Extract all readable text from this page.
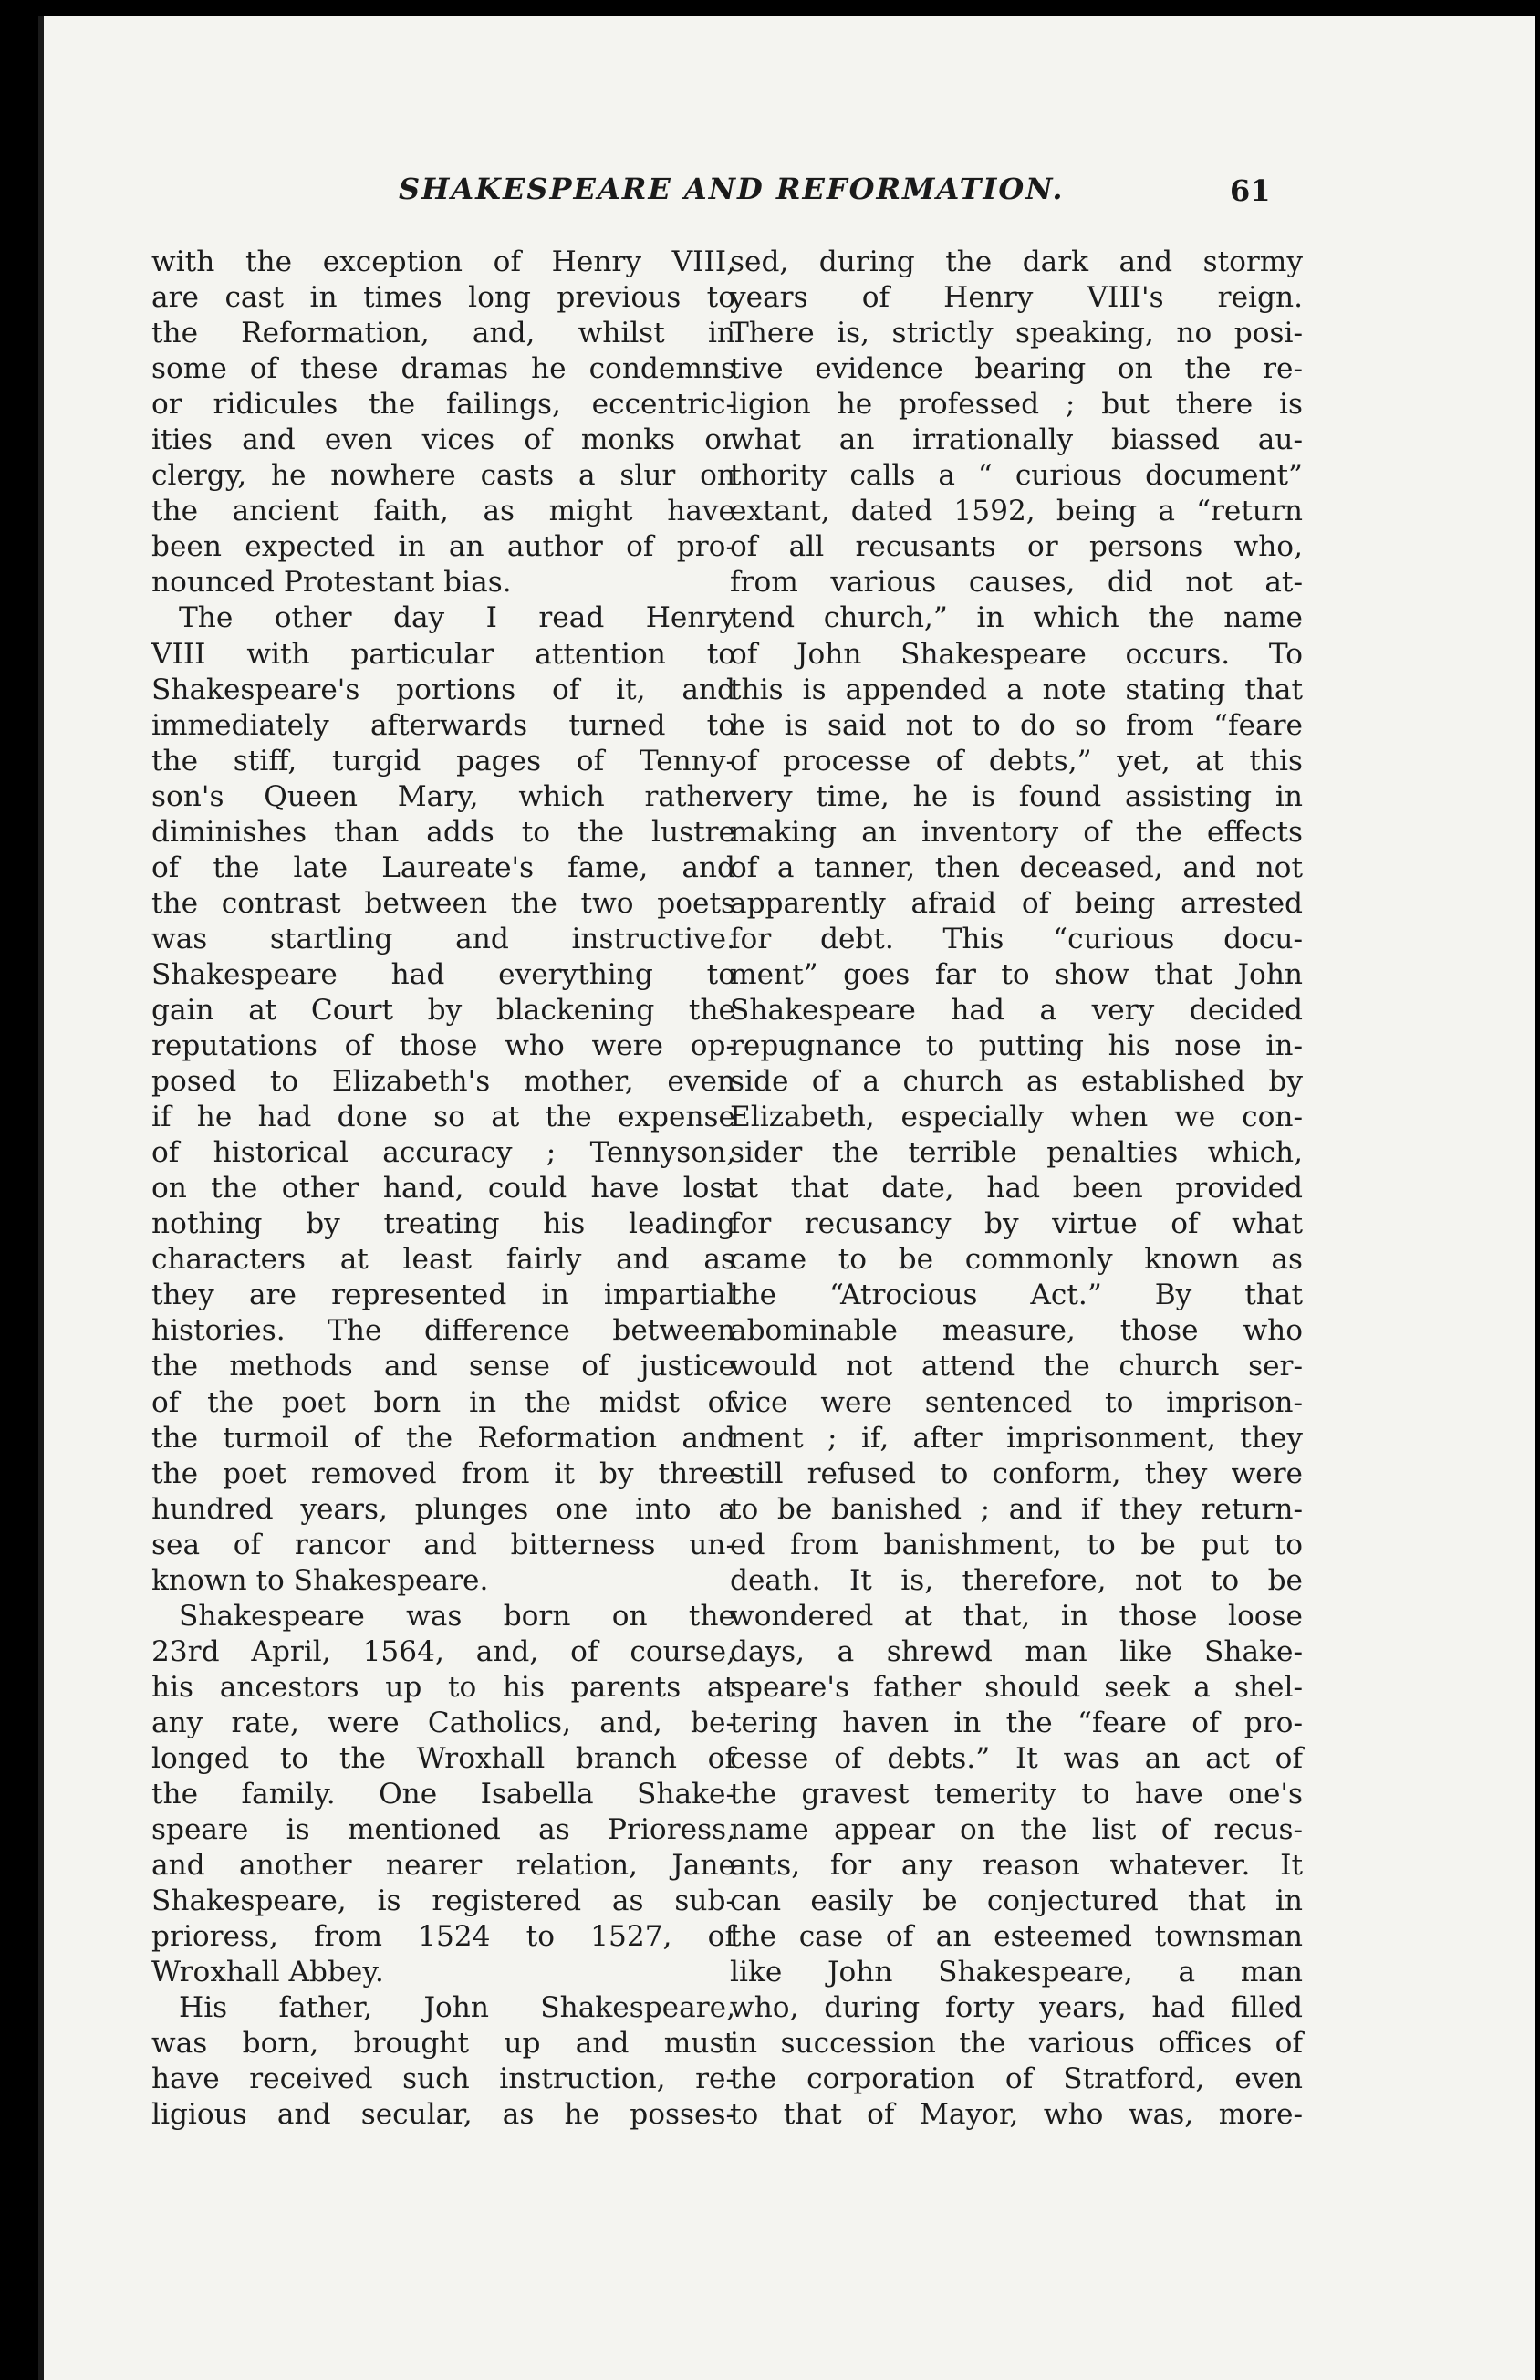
SHAKESPEARE AND REFORMATION.	61
with the exception of Henry VIII,
are cast in times long previous to
the Reformation, and, whilst in
some of these dramas he condemns
or ridicules the failings, eccentric-
ities and even vices of monks or
clergy, he nowhere casts a slur on
the ancient faith, as might have
been expected in an author of pro-
nounced Protestant bias.
The other day I read Henry
VIII with particular attention to
Shakespeare's portions of it, and
immediately afterwards turned to
the stiff, turgid pages of Tenny-
son's Queen Mary, which rather
diminishes than adds to the lustre
of the late Laureate's fame, and
the contrast between the two poets
was startling and instructive.
Shakespeare had everything to
gain at Court by blackening the
reputations of those who were op-
posed to Elizabeth's mother, even
if he had done so at the expense
of historical accuracy ; Tennyson,
on the other hand, could have lost
nothing by treating his leading
characters at least fairly and as
they are represented in impartial
histories. The difference between
the methods and sense of justice
of the poet born in the midst of
the turmoil of the Reformation and
the poet removed from it by three
hundred years, plunges one into a
sea of rancor and bitterness un-
known to Shakespeare.
Shakespeare was born on the
23rd April, 1564, and, of course,
his ancestors up to his parents at
any rate, were Catholics, and, be-
longed to the Wroxhall branch of
the family. One Isabella Shake-
speare is mentioned as Prioress,
and another nearer relation, Jane
Shakespeare, is registered as sub-
prioress, from 1524 to 1527, of
Wroxhall Abbey.
His father, John Shakespeare,
was born, brought up and must
have received such instruction, re-
ligious and secular, as he posses-
sed, during the dark and stormy
years of Henry VIII's reign.
There is, strictly speaking, no posi-
tive evidence bearing on the re-
ligion he professed ; but there is
what an irrationally biassed au-
thority calls a “ curious document”
extant, dated 1592, being a “return
of all recusants or persons who,
from various causes, did not at-
tend church,” in which the name
of John Shakespeare occurs. To
this is appended a note stating that
he is said not to do so from “feare
of processe of debts,” yet, at this
very time, he is found assisting in
making an inventory of the effects
of a tanner, then deceased, and not
apparently afraid of being arrested
for debt. This “curious docu-
ment” goes far to show that John
Shakespeare had a very decided
repugnance to putting his nose in-
side of a church as established by
Elizabeth, especially when we con-
sider the terrible penalties which,
at that date, had been provided
for recusancy by virtue of what
came to be commonly known as
the “Atrocious Act.” By that
abominable measure, those who
would not attend the church ser-
vice were sentenced to imprison-
ment ; if, after imprisonment, they
still refused to conform, they were
to be banished ; and if they return-
ed from banishment, to be put to
death. It is, therefore, not to be
wondered at that, in those loose
days, a shrewd man like Shake-
speare's father should seek a shel-
tering haven in the “feare of pro-
cesse of debts.” It was an act of
the gravest temerity to have one's
name appear on the list of recus-
ants, for any reason whatever. It
can easily be conjectured that in
the case of an esteemed townsman
like John Shakespeare, a man
who, during forty years, had filled
in succession the various offices of
the corporation of Stratford, even
to that of Mayor, who was, more-
